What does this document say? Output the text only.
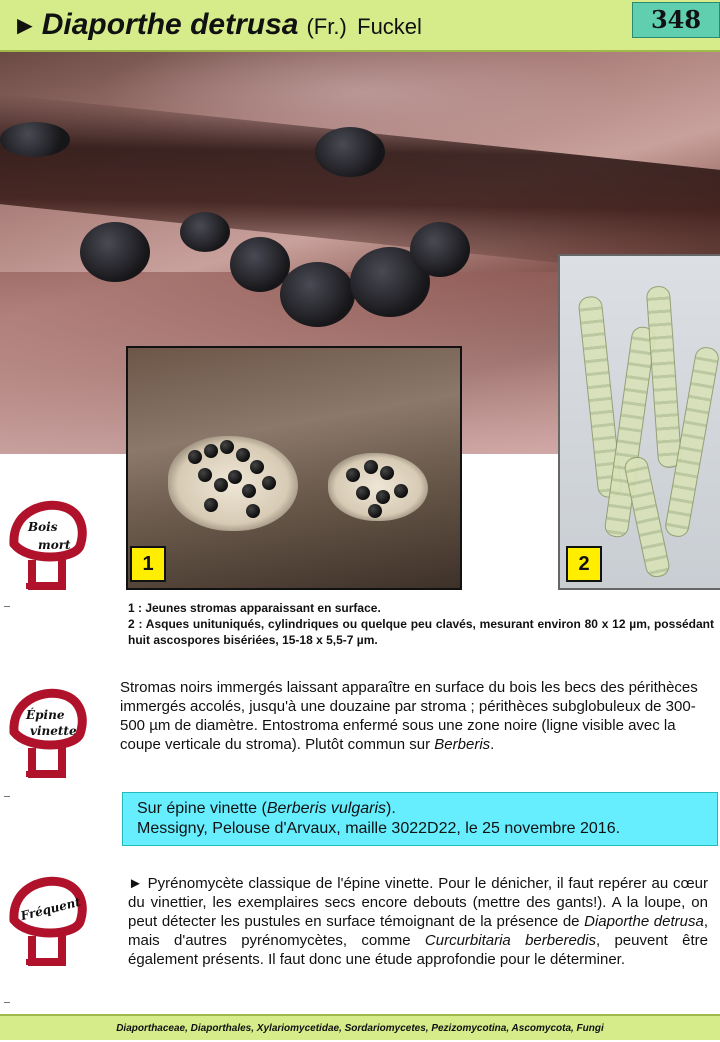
► Diaporthe detrusa (Fr.) Fuckel	348
1	2
1 : Jeunes stromas apparaissant en surface.
2 : Asques unituniqués, cylindriques ou quelque peu clavés, mesurant environ 80 x 12 µm, possédant huit ascospores bisériées, 15-18 x 5,5-7 µm.
Bois
mort
Épine
vinette
Fréquent
Stromas noirs immergés laissant apparaître en surface du bois les becs des périthèces immergés accolés, jusqu'à une douzaine par stroma ; périthèces subglobuleux de 300-500 µm de diamètre. Entostroma enfermé sous une zone noire (ligne visible avec la coupe verticale du stroma). Plutôt commun sur Berberis.
Sur épine vinette (Berberis vulgaris).
Messigny, Pelouse d'Arvaux, maille 3022D22, le 25 novembre 2016.
► Pyrénomycète classique de l'épine vinette. Pour le dénicher, il faut repérer au cœur du vinettier, les exemplaires secs encore debouts (mettre des gants!). A la loupe, on peut détecter les pustules en surface témoignant de la présence de Diaporthe detrusa, mais d'autres pyrénomycètes, comme Curcurbitaria berberedis, peuvent être également présents. Il faut donc une étude approfondie pour le déterminer.
Diaporthaceae, Diaporthales, Xylariomycetidae, Sordariomycetes, Pezizomycotina, Ascomycota, Fungi
